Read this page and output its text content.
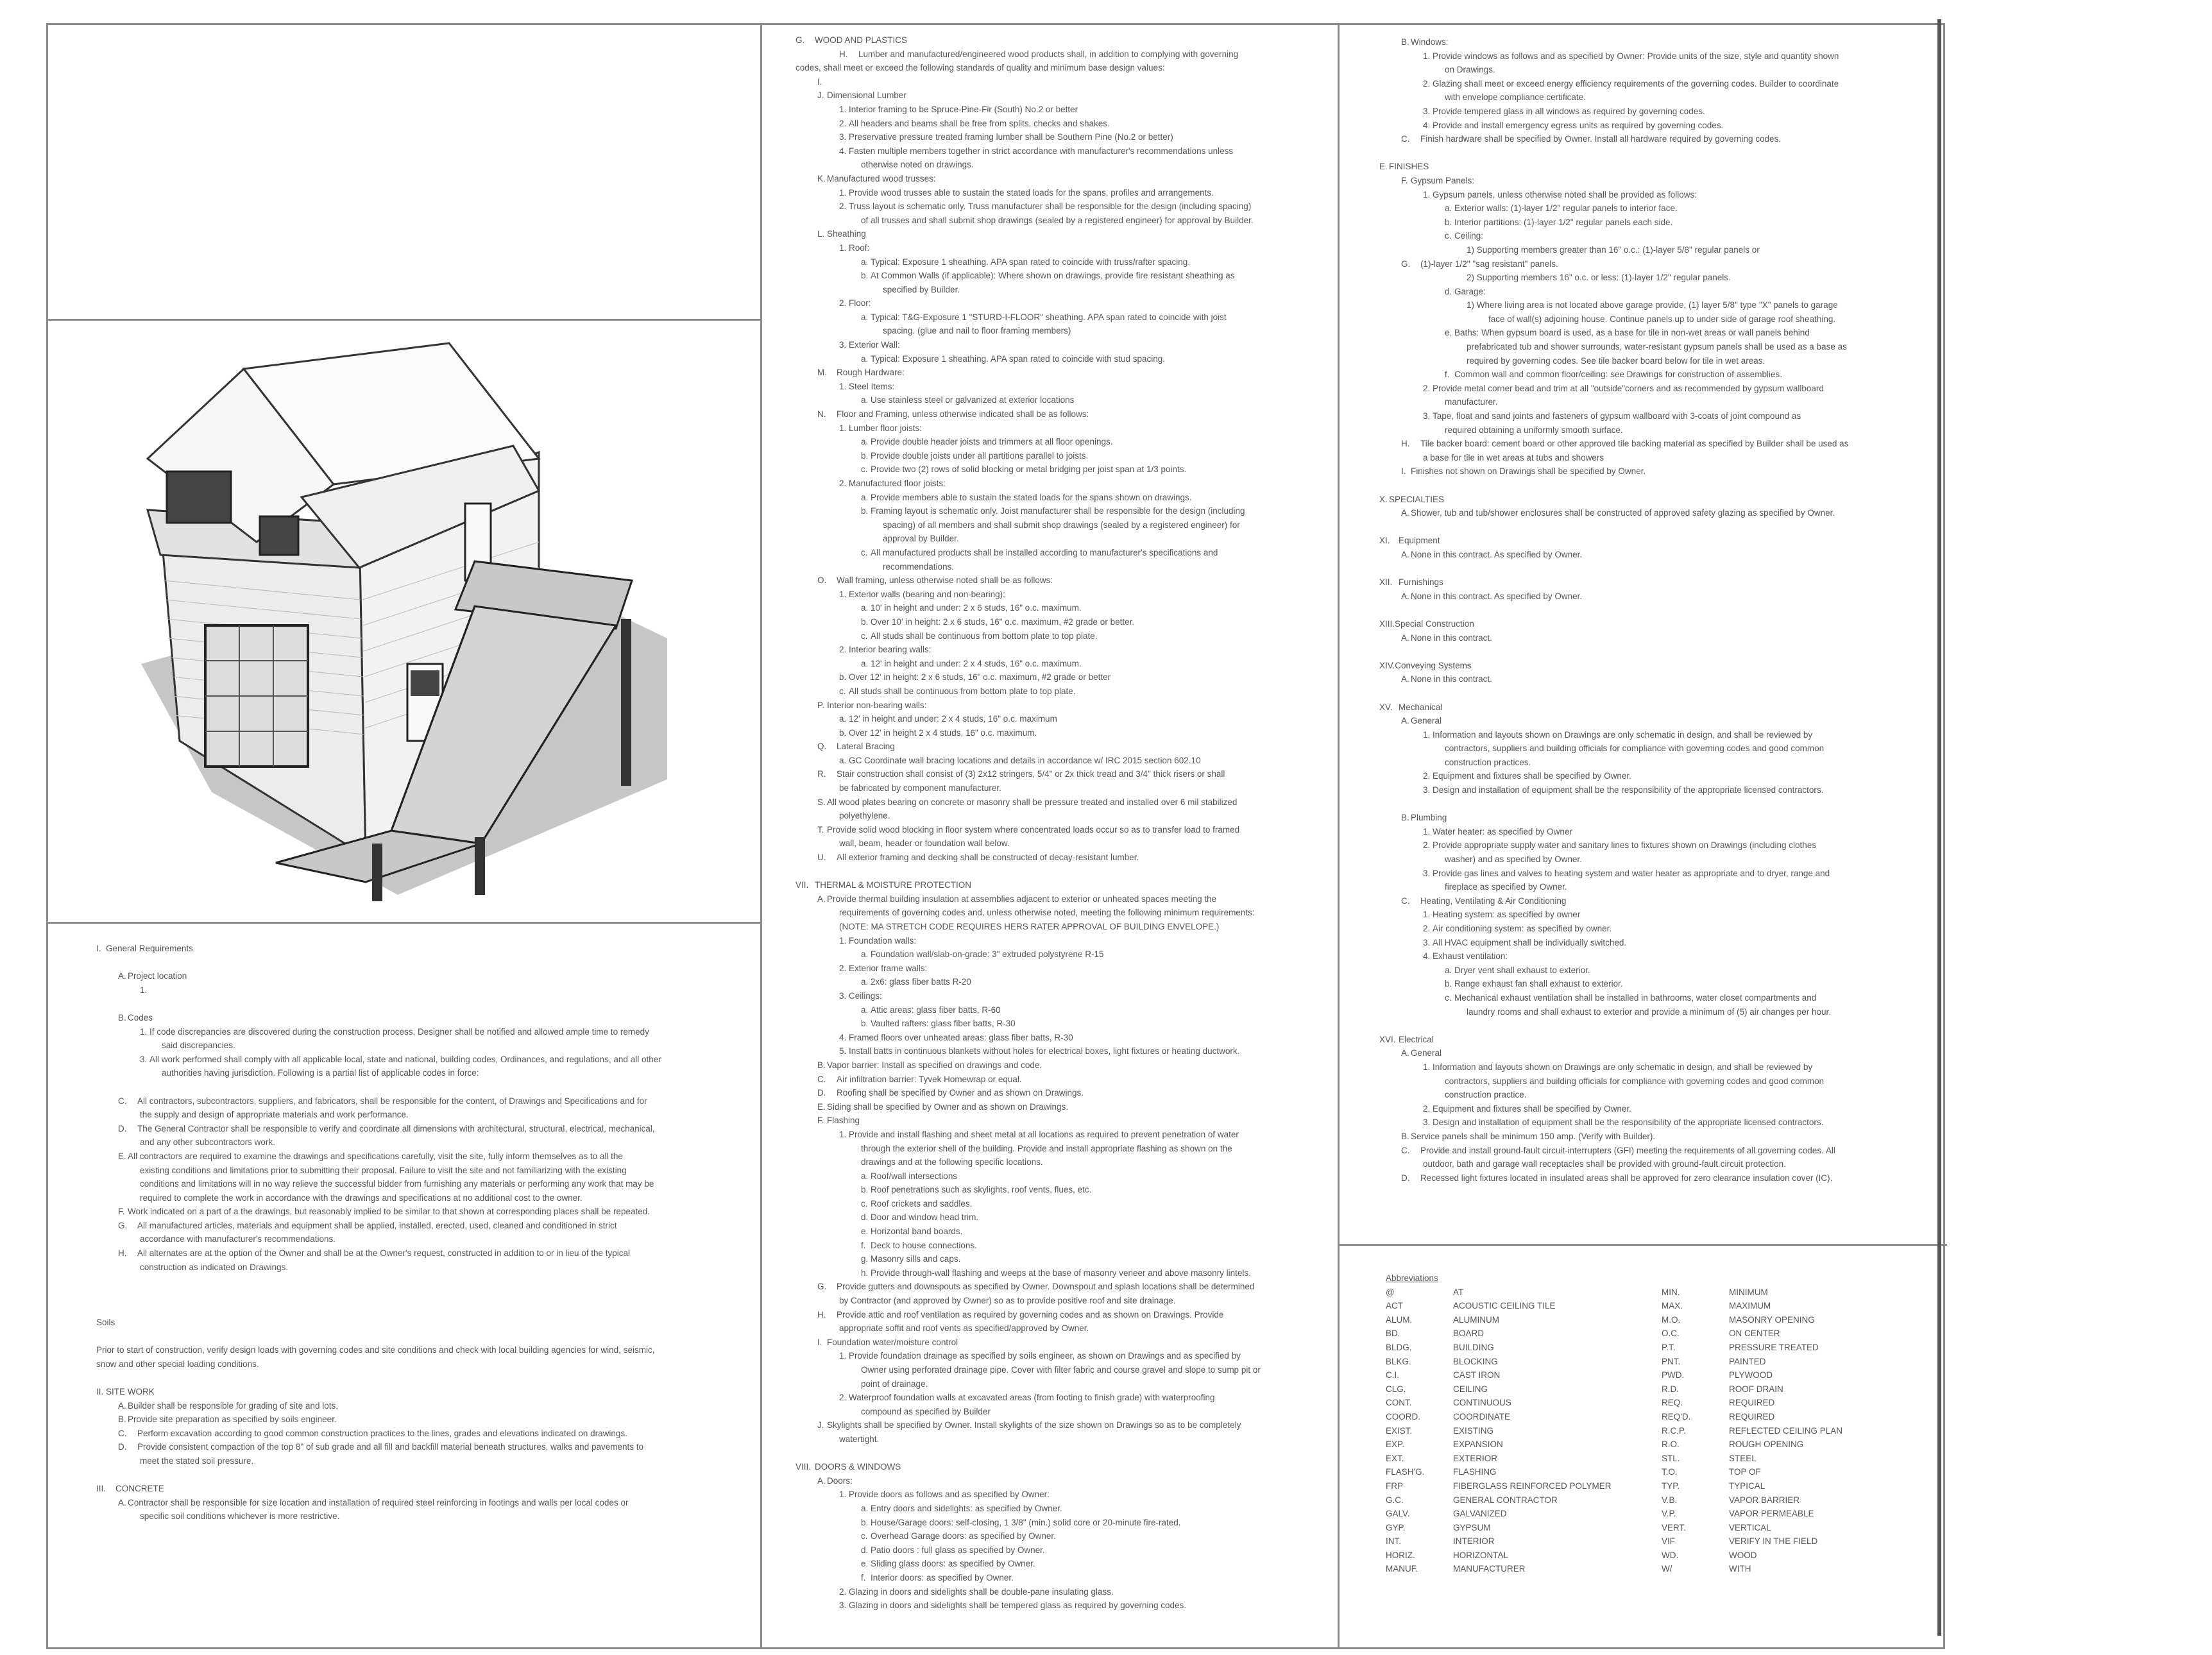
I.	General Requirements
A.	Project location
1.
B.	Codes
1.	If code discrepancies are discovered during the construction process, Designer shall be notified and allowed ample time to remedy
said discrepancies.
3.	All work performed shall comply with all applicable local, state and national, building codes, Ordinances, and regulations, and all other
authorities having jurisdiction. Following is a partial list of applicable codes in force:
C.	All contractors, subcontractors, suppliers, and fabricators, shall be responsible for the content, of Drawings and Specifications and for
the supply and design of appropriate materials and work performance.
D.	The General Contractor shall be responsible to verify and coordinate all dimensions with architectural, structural, electrical, mechanical,
and any other subcontractors work.
E.	All contractors are required to examine the drawings and specifications carefully, visit the site, fully inform themselves as to all the
existing conditions and limitations prior to submitting their proposal. Failure to visit the site and not familiarizing with the existing
conditions and limitations will in no way relieve the successful bidder from furnishing any materials or performing any work that may be
required to complete the work in accordance with the drawings and specifications at no additional cost to the owner.
F.	Work indicated on a part of a the drawings, but reasonably implied to be similar to that shown at corresponding places shall be repeated.
G.	All manufactured articles, materials and equipment shall be applied, installed, erected, used, cleaned and conditioned in strict
accordance with manufacturer's recommendations.
H.	All alternates are at the option of the Owner and shall be at the Owner's request, constructed in addition to or in lieu of the typical
construction as indicated on Drawings.
Soils
Prior to start of construction, verify design loads with governing codes and site conditions and check with local building agencies for wind, seismic,
snow and other special loading conditions.
II.	SITE WORK
A.	Builder shall be responsible for grading of site and lots.
B.	Provide site preparation as specified by soils engineer.
C.	Perform excavation according to good common construction practices to the lines, grades and elevations indicated on drawings.
D.	Provide consistent compaction of the top 8" of sub grade and all fill and backfill material beneath structures, walks and pavements to
meet the stated soil pressure.
III.	CONCRETE
A.	Contractor shall be responsible for size location and installation of required steel reinforcing in footings and walls per local codes or
specific soil conditions whichever is more restrictive.
G.	WOOD AND PLASTICS
H.	Lumber and manufactured/engineered wood products shall, in addition to complying with governing
codes, shall meet or exceed the following standards of quality and minimum base design values:
I.
J.	Dimensional Lumber
1.	Interior framing to be Spruce-Pine-Fir (South) No.2 or better
2.	All headers and beams shall be free from splits, checks and shakes.
3.	Preservative pressure treated framing lumber shall be Southern Pine (No.2 or better)
4.	Fasten multiple members together in strict accordance with manufacturer's recommendations unless
otherwise noted on drawings.
K.	Manufactured wood trusses:
1.	Provide wood trusses able to sustain the stated loads for the spans, profiles and arrangements.
2.	Truss layout is schematic only. Truss manufacturer shall be responsible for the design (including spacing)
of all trusses and shall submit shop drawings (sealed by a registered engineer) for approval by Builder.
L.	Sheathing
1.	Roof:
a.	Typical: Exposure 1 sheathing. APA span rated to coincide with truss/rafter spacing.
b.	At Common Walls (if applicable): Where shown on drawings, provide fire resistant sheathing as
specified by Builder.
2.	Floor:
a.	Typical: T&G-Exposure 1 "STURD-I-FLOOR" sheathing. APA span rated to coincide with joist
spacing. (glue and nail to floor framing members)
3.	Exterior Wall:
a.	Typical: Exposure 1 sheathing. APA span rated to coincide with stud spacing.
M.	Rough Hardware:
1.	Steel Items:
a.	Use stainless steel or galvanized at exterior locations
N.	Floor and Framing, unless otherwise indicated shall be as follows:
1.	Lumber floor joists:
a.	Provide double header joists and trimmers at all floor openings.
b.	Provide double joists under all partitions parallel to joists.
c.	Provide two (2) rows of solid blocking or metal bridging per joist span at 1/3 points.
2.	Manufactured floor joists:
a.	Provide members able to sustain the stated loads for the spans shown on drawings.
b.	Framing layout is schematic only. Joist manufacturer shall be responsible for the design (including
spacing) of all members and shall submit shop drawings (sealed by a registered engineer) for
approval by Builder.
c.	All manufactured products shall be installed according to manufacturer's specifications and
recommendations.
O.	Wall framing, unless otherwise noted shall be as follows:
1.	Exterior walls (bearing and non-bearing):
a.	10' in height and under: 2 x 6 studs, 16" o.c. maximum.
b.	Over 10' in height: 2 x 6 studs, 16" o.c. maximum, #2 grade or better.
c.	All studs shall be continuous from bottom plate to top plate.
2.	Interior bearing walls:
a.	12' in height and under: 2 x 4 studs, 16" o.c. maximum.
b.	Over 12' in height: 2 x 6 studs, 16" o.c. maximum, #2 grade or better
c.	All studs shall be continuous from bottom plate to top plate.
P.	Interior non-bearing walls:
a.	12' in height and under: 2 x 4 studs, 16" o.c. maximum
b.	Over 12' in height 2 x 4 studs, 16" o.c. maximum.
Q.	Lateral Bracing
a.	GC Coordinate wall bracing locations and details in accordance w/ IRC 2015 section 602.10
R.	Stair construction shall consist of (3) 2x12 stringers, 5/4" or 2x thick tread and 3/4" thick risers or shall
be fabricated by component manufacturer.
S.	All wood plates bearing on concrete or masonry shall be pressure treated and installed over 6 mil stabilized
polyethylene.
T.	Provide solid wood blocking in floor system where concentrated loads occur so as to transfer load to framed
wall, beam, header or foundation wall below.
U.	All exterior framing and decking shall be constructed of decay-resistant lumber.
VII.	THERMAL & MOISTURE PROTECTION
A.	Provide thermal building insulation at assemblies adjacent to exterior or unheated spaces meeting the
requirements of governing codes and, unless otherwise noted, meeting the following minimum requirements:
(NOTE: MA STRETCH CODE REQUIRES HERS RATER APPROVAL OF BUILDING ENVELOPE.)
1.	Foundation walls:
a.	Foundation wall/slab-on-grade: 3" extruded polystyrene R-15
2.	Exterior frame walls:
a.	2x6: glass fiber batts R-20
3.	Ceilings:
a.	Attic areas: glass fiber batts, R-60
b.	Vaulted rafters: glass fiber batts, R-30
4.	Framed floors over unheated areas: glass fiber batts, R-30
5.	Install batts in continuous blankets without holes for electrical boxes, light fixtures or heating ductwork.
B.	Vapor barrier: Install as specified on drawings and code.
C.	Air infiltration barrier: Tyvek Homewrap or equal.
D.	Roofing shall be specified by Owner and as shown on Drawings.
E.	Siding shall be specified by Owner and as shown on Drawings.
F.	Flashing
1.	Provide and install flashing and sheet metal at all locations as required to prevent penetration of water
through the exterior shell of the building. Provide and install appropriate flashing as shown on the
drawings and at the following specific locations.
a.	Roof/wall intersections
b.	Roof penetrations such as skylights, roof vents, flues, etc.
c.	Roof crickets and saddles.
d.	Door and window head trim.
e.	Horizontal band boards.
f.	Deck to house connections.
g.	Masonry sills and caps.
h.	Provide through-wall flashing and weeps at the base of masonry veneer and above masonry lintels.
G.	Provide gutters and downspouts as specified by Owner. Downspout and splash locations shall be determined
by Contractor (and approved by Owner) so as to provide positive roof and site drainage.
H.	Provide attic and roof ventilation as required by governing codes and as shown on Drawings. Provide
appropriate soffit and roof vents as specified/approved by Owner.
I.	Foundation water/moisture control
1.	Provide foundation drainage as specified by soils engineer, as shown on Drawings and as specified by
Owner using perforated drainage pipe. Cover with filter fabric and course gravel and slope to sump pit or
point of drainage.
2.	Waterproof foundation walls at excavated areas (from footing to finish grade) with waterproofing
compound as specified by Builder
J.	Skylights shall be specified by Owner. Install skylights of the size shown on Drawings so as to be completely
watertight.
VIII.	DOORS & WINDOWS
A.	Doors:
1.	Provide doors as follows and as specified by Owner:
a.	Entry doors and sidelights: as specified by Owner.
b.	House/Garage doors: self-closing, 1 3/8" (min.) solid core or 20-minute fire-rated.
c.	Overhead Garage doors: as specified by Owner.
d.	Patio doors : full glass as specified by Owner.
e.	Sliding glass doors: as specified by Owner.
f.	Interior doors: as specified by Owner.
2.	Glazing in doors and sidelights shall be double-pane insulating glass.
3.	Glazing in doors and sidelights shall be tempered glass as required by governing codes.
B.	Windows:
1.	Provide windows as follows and as specified by Owner: Provide units of the size, style and quantity shown
on Drawings.
2.	Glazing shall meet or exceed energy efficiency requirements of the governing codes. Builder to coordinate
with envelope compliance certificate.
3.	Provide tempered glass in all windows as required by governing codes.
4.	Provide and install emergency egress units as required by governing codes.
C.	Finish hardware shall be specified by Owner. Install all hardware required by governing codes.
E.	FINISHES
F.	Gypsum Panels:
1.	Gypsum panels, unless otherwise noted shall be provided as follows:
a.	Exterior walls: (1)-layer 1/2" regular panels to interior face.
b.	Interior partitions: (1)-layer 1/2" regular panels each side.
c.	Ceiling:
1) Supporting members greater than 16" o.c.: (1)-layer 5/8" regular panels or
G.	(1)-layer 1/2" "sag resistant" panels.
2) Supporting members 16" o.c. or less: (1)-layer 1/2" regular panels.
d.	Garage:
1) Where living area is not located above garage provide, (1) layer 5/8" type "X" panels to garage
face of wall(s) adjoining house. Continue panels up to under side of garage roof sheathing.
e.	Baths: When gypsum board is used, as a base for tile in non-wet areas or wall panels behind
prefabricated tub and shower surrounds, water-resistant gypsum panels shall be used as a base as
required by governing codes. See tile backer board below for tile in wet areas.
f.	Common wall and common floor/ceiling: see Drawings for construction of assemblies.
2.	Provide metal corner bead and trim at all "outside"corners and as recommended by gypsum wallboard
manufacturer.
3.	Tape, float and sand joints and fasteners of gypsum wallboard with 3-coats of joint compound as
required obtaining a uniformly smooth surface.
H.	Tile backer board: cement board or other approved tile backing material as specified by Builder shall be used as
a base for tile in wet areas at tubs and showers
I.	Finishes not shown on Drawings shall be specified by Owner.
X.	SPECIALTIES
A.	Shower, tub and tub/shower enclosures shall be constructed of approved safety glazing as specified by Owner.
XI.	Equipment
A.	None in this contract. As specified by Owner.
XII.	Furnishings
A.	None in this contract. As specified by Owner.
XIII.Special Construction
A.	None in this contract.
XIV.Conveying Systems
A.	None in this contract.
XV.	Mechanical
A.	General
1.	Information and layouts shown on Drawings are only schematic in design, and shall be reviewed by
contractors, suppliers and building officials for compliance with governing codes and good common
construction practices.
2.	Equipment and fixtures shall be specified by Owner.
3.	Design and installation of equipment shall be the responsibility of the appropriate licensed contractors.
B.	Plumbing
1.	Water heater: as specified by Owner
2.	Provide appropriate supply water and sanitary lines to fixtures shown on Drawings (including clothes
washer) and as specified by Owner.
3.	Provide gas lines and valves to heating system and water heater as appropriate and to dryer, range and
fireplace as specified by Owner.
C.	Heating, Ventilating & Air Conditioning
1.	Heating system: as specified by owner
2.	Air conditioning system: as specified by owner.
3.	All HVAC equipment shall be individually switched.
4.	Exhaust ventilation:
a.	Dryer vent shall exhaust to exterior.
b.	Range exhaust fan shall exhaust to exterior.
c.	Mechanical exhaust ventilation shall be installed in bathrooms, water closet compartments and
laundry rooms and shall exhaust to exterior and provide a minimum of (5) air changes per hour.
XVI.	Electrical
A.	General
1.	Information and layouts shown on Drawings are only schematic in design, and shall be reviewed by
contractors, suppliers and building officials for compliance with governing codes and good common
construction practice.
2.	Equipment and fixtures shall be specified by Owner.
3.	Design and installation of equipment shall be the responsibility of the appropriate licensed contractors.
B.	Service panels shall be minimum 150 amp. (Verify with Builder).
C.	Provide and install ground-fault circuit-interrupters (GFI) meeting the requirements of all governing codes. All
outdoor, bath and garage wall receptacles shall be provided with ground-fault circuit protection.
D.	Recessed light fixtures located in insulated areas shall be approved for zero clearance insulation cover (IC).
Abbreviations
@	AT	MIN.	MINIMUM
ACT	ACOUSTIC CEILING TILE	MAX.	MAXIMUM
ALUM.	ALUMINUM	M.O.	MASONRY OPENING
BD.	BOARD	O.C.	ON CENTER
BLDG.	BUILDING	P.T.	PRESSURE TREATED
BLKG.	BLOCKING	PNT.	PAINTED
C.I.	CAST IRON	PWD.	PLYWOOD
CLG.	CEILING	R.D.	ROOF DRAIN
CONT.	CONTINUOUS	REQ.	REQUIRED
COORD.	COORDINATE	REQ'D.	REQUIRED
EXIST.	EXISTING	R.C.P.	REFLECTED CEILING PLAN
EXP.	EXPANSION	R.O.	ROUGH OPENING
EXT.	EXTERIOR	STL.	STEEL
FLASH'G.	FLASHING	T.O.	TOP OF
FRP	FIBERGLASS REINFORCED POLYMER	TYP.	TYPICAL
G.C.	GENERAL CONTRACTOR	V.B.	VAPOR BARRIER
GALV.	GALVANIZED	V.P.	VAPOR PERMEABLE
GYP.	GYPSUM	VERT.	VERTICAL
INT.	INTERIOR	VIF	VERIFY IN THE FIELD
HORIZ.	HORIZONTAL	WD.	WOOD
MANUF.	MANUFACTURER	W/	WITH
